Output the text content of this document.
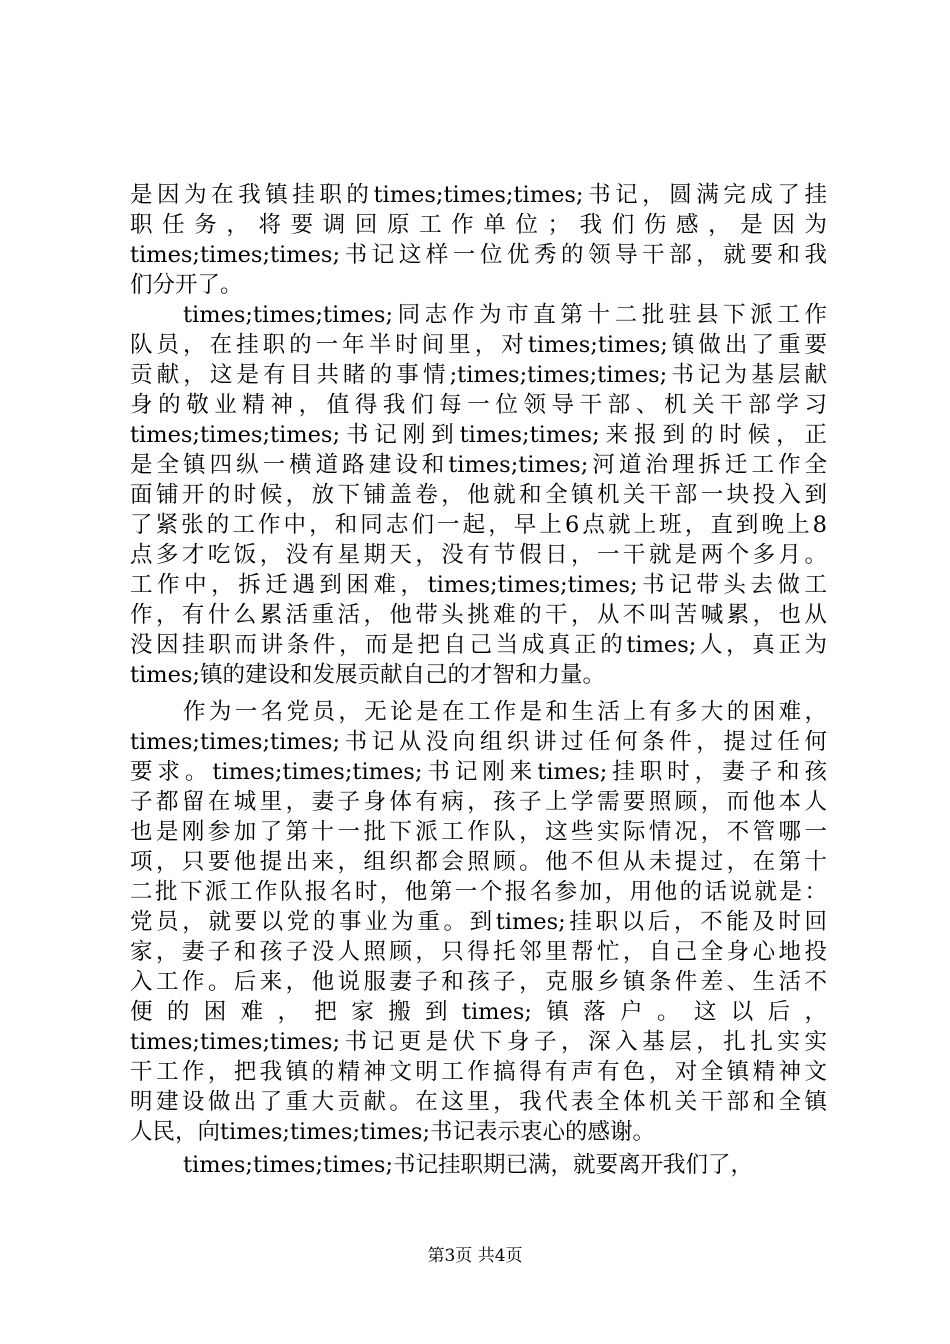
是因为在我镇挂职的times;times;times;书记，圆满完成了挂
职任务，将要调回原工作单位；我们伤感，是因为
times;times;times;书记这样一位优秀的领导干部，就要和我
们分开了。
times;times;times;同志作为市直第十二批驻县下派工作
队员，在挂职的一年半时间里，对times;times;镇做出了重要
贡献，这是有目共睹的事情;times;times;times;书记为基层献
身的敬业精神，值得我们每一位领导干部、机关干部学习
times;times;times;书记刚到times;times;来报到的时候，正
是全镇四纵一横道路建设和times;times;河道治理拆迁工作全
面铺开的时候，放下铺盖卷，他就和全镇机关干部一块投入到
了紧张的工作中，和同志们一起，早上6点就上班，直到晚上8
点多才吃饭，没有星期天，没有节假日，一干就是两个多月。
工作中，拆迁遇到困难，times;times;times;书记带头去做工
作，有什么累活重活，他带头挑难的干，从不叫苦喊累，也从
没因挂职而讲条件，而是把自己当成真正的times;人，真正为
times;镇的建设和发展贡献自己的才智和力量。
作为一名党员，无论是在工作是和生活上有多大的困难，
times;times;times;书记从没向组织讲过任何条件，提过任何
要求。times;times;times;书记刚来times;挂职时，妻子和孩
子都留在城里，妻子身体有病，孩子上学需要照顾，而他本人
也是刚参加了第十一批下派工作队，这些实际情况，不管哪一
项，只要他提出来，组织都会照顾。他不但从未提过，在第十
二批下派工作队报名时，他第一个报名参加，用他的话说就是：
党员，就要以党的事业为重。到times;挂职以后，不能及时回
家，妻子和孩子没人照顾，只得托邻里帮忙，自己全身心地投
入工作。后来，他说服妻子和孩子，克服乡镇条件差、生活不
便的困难，把家搬到times;镇落户。这以后，
times;times;times;书记更是伏下身子，深入基层，扎扎实实
干工作，把我镇的精神文明工作搞得有声有色，对全镇精神文
明建设做出了重大贡献。在这里，我代表全体机关干部和全镇
人民，向times;times;times;书记表示衷心的感谢。
times;times;times;书记挂职期已满，就要离开我们了，
第3页 共4页
